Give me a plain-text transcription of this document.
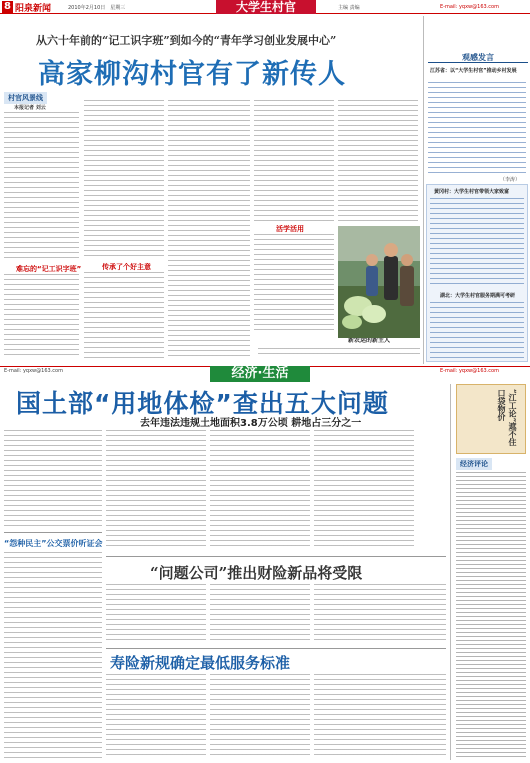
8 阳泉新闻	2010年2月10日　星期三	大学生村官	主编 责编	E-mail: yqxw@163.com
从六十年前的“记工识字班”到如今的“青年学习创业发展中心”
高家柳沟村官有了新传人
村官风景线
本报记者 刘云
难忘的“记工识字班”	传承了个好主意
活学活用
新农运的新主人
观感发言
江苏省：以“大学生村官”推动乡村发展
（李涛）
黄冈村：大学生村官带领大家致富
湖北：大学生村官服务期满可考研
E-mail: yqxw@163.com	E-mail: yqxw@163.com
经济·生活
国土部“用地体检”查出五大问题
去年违法违规土地面积3.8万公顷 耕地占三分之一	“江工论”遮不住口袋物价
经济评论
“怨种民主”公交票价听证会
“问题公司”推出财险新品将受限
寿险新规确定最低服务标准
